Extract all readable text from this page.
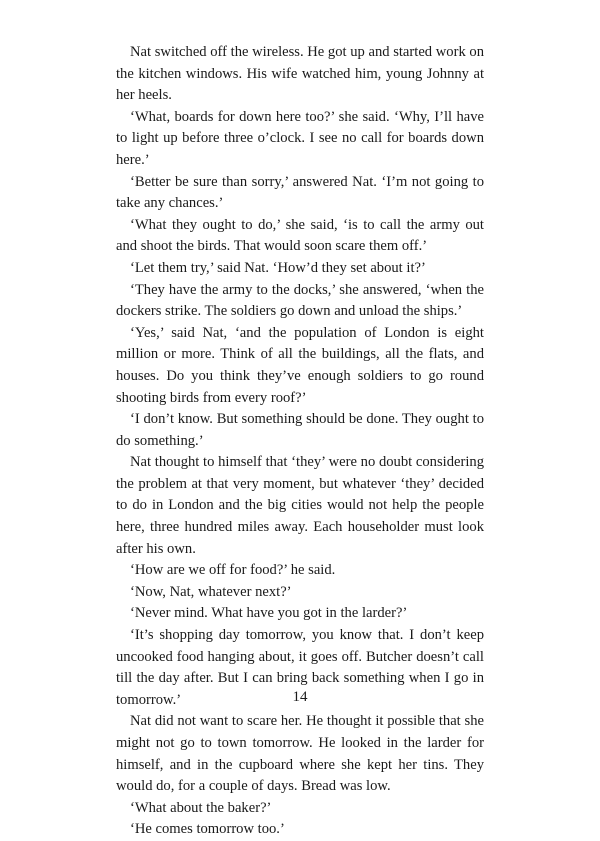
Nat switched off the wireless. He got up and started work on the kitchen windows. His wife watched him, young Johnny at her heels.

‘What, boards for down here too?’ she said. ‘Why, I’ll have to light up before three o’clock. I see no call for boards down here.’

‘Better be sure than sorry,’ answered Nat. ‘I’m not going to take any chances.’

‘What they ought to do,’ she said, ‘is to call the army out and shoot the birds. That would soon scare them off.’

‘Let them try,’ said Nat. ‘How’d they set about it?’

‘They have the army to the docks,’ she answered, ‘when the dockers strike. The soldiers go down and unload the ships.’

‘Yes,’ said Nat, ‘and the population of London is eight million or more. Think of all the buildings, all the flats, and houses. Do you think they’ve enough soldiers to go round shooting birds from every roof?’

‘I don’t know. But something should be done. They ought to do something.’

Nat thought to himself that ‘they’ were no doubt considering the problem at that very moment, but whatever ‘they’ decided to do in London and the big cities would not help the people here, three hundred miles away. Each householder must look after his own.

‘How are we off for food?’ he said.

‘Now, Nat, whatever next?’

‘Never mind. What have you got in the larder?’

‘It’s shopping day tomorrow, you know that. I don’t keep uncooked food hanging about, it goes off. Butcher doesn’t call till the day after. But I can bring back something when I go in tomorrow.’

Nat did not want to scare her. He thought it possible that she might not go to town tomorrow. He looked in the larder for himself, and in the cupboard where she kept her tins. They would do, for a couple of days. Bread was low.

‘What about the baker?’

‘He comes tomorrow too.’

14
